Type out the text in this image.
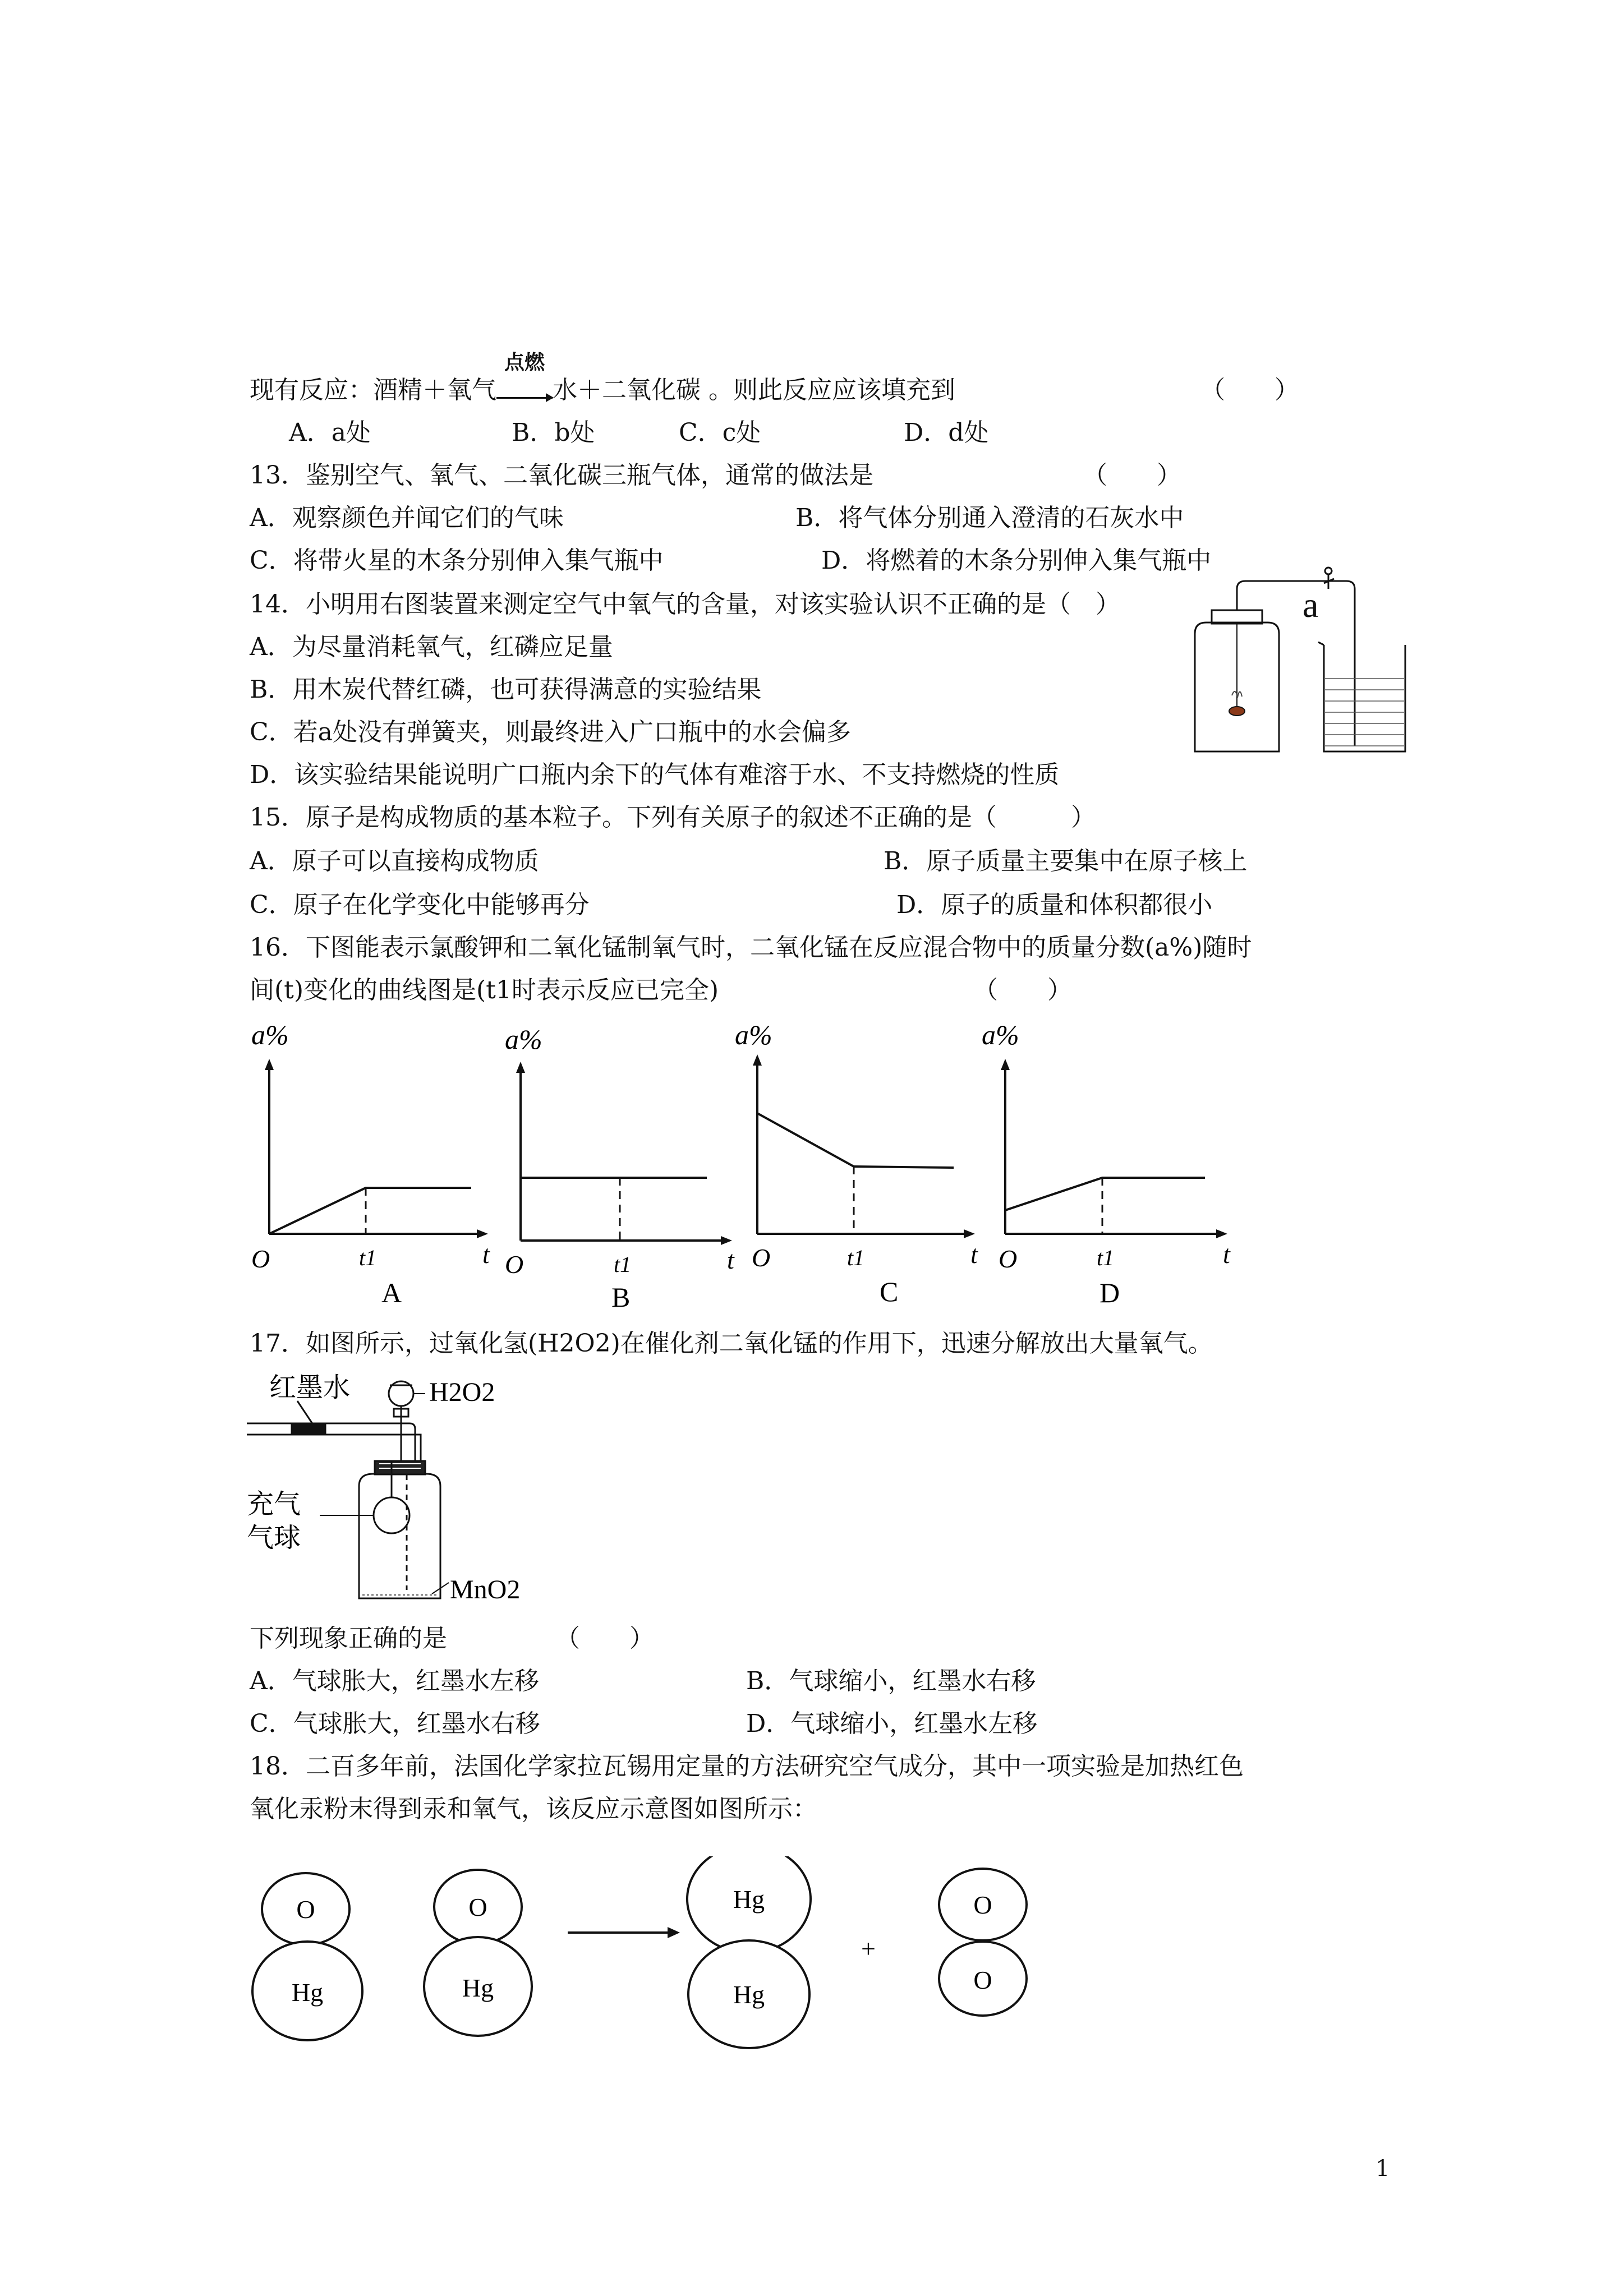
现有反应：酒精＋氧气
点燃
水＋二氧化碳 。则此反应应该填充到	（　　）

A．a处	B．b处	C．c处	D．d处

13．鉴别空气、氧气、二氧化碳三瓶气体，通常的做法是	（　　）

A．观察颜色并闻它们的气味	B．将气体分别通入澄清的石灰水中

C．将带火星的木条分别伸入集气瓶中	D．将燃着的木条分别伸入集气瓶中

14．小明用右图装置来测定空气中氧气的含量，对该实验认识不正确的是（　）

A．为尽量消耗氧气，红磷应足量

B．用木炭代替红磷，也可获得满意的实验结果

C．若a处没有弹簧夹，则最终进入广口瓶中的水会偏多

D．该实验结果能说明广口瓶内余下的气体有难溶于水、不支持燃烧的性质

a

15．原子是构成物质的基本粒子。下列有关原子的叙述不正确的是（　　　）

A．原子可以直接构成物质	B．原子质量主要集中在原子核上

C．原子在化学变化中能够再分	D．原子的质量和体积都很小

16．下图能表示氯酸钾和二氧化锰制氧气时，二氧化锰在反应混合物中的质量分数(a%)随时

间(t)变化的曲线图是(t1时表示反应已完全)	（　　）

a%
O	t1	t
A
a%
O	t1	t
B
a%
O	t1	t
C
a%
O	t1	t
D

17．如图所示，过氧化氢(H2O2)在催化剂二氧化锰的作用下，迅速分解放出大量氧气。

红墨水	H2O2
充气
气球
MnO2

下列现象正确的是	（　　）

A．气球胀大，红墨水左移	B．气球缩小，红墨水右移

C．气球胀大，红墨水右移	D．气球缩小，红墨水左移

18．二百多年前，法国化学家拉瓦锡用定量的方法研究空气成分，其中一项实验是加热红色

氧化汞粉末得到汞和氧气，该反应示意图如图所示：

O
Hg
O
Hg
Hg
Hg
+
O
O
1
